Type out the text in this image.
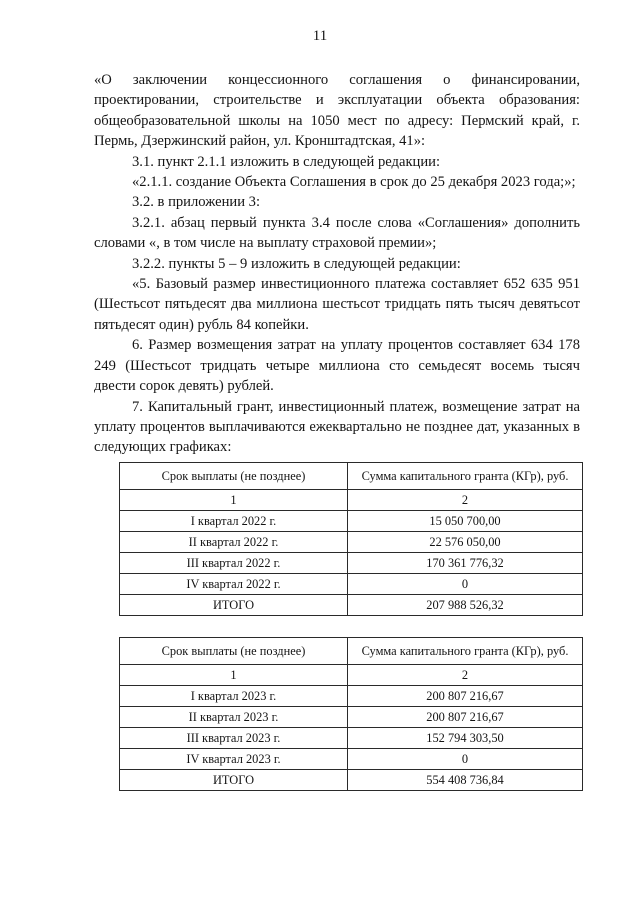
11

«О заключении концессионного соглашения о финансировании, проектировании, строительстве и эксплуатации объекта образования: общеобразовательной школы на 1050 мест по адресу: Пермский край, г. Пермь, Дзержинский район, ул. Кронштадтская, 41»:

3.1. пункт 2.1.1 изложить в следующей редакции:

«2.1.1. создание Объекта Соглашения в срок до 25 декабря 2023 года;»;

3.2. в приложении 3:

3.2.1. абзац первый пункта 3.4 после слова «Соглашения» дополнить словами «, в том числе на выплату страховой премии»;

3.2.2. пункты 5 – 9 изложить в следующей редакции:

«5. Базовый размер инвестиционного платежа составляет 652 635 951 (Шестьсот пятьдесят два миллиона шестьсот тридцать пять тысяч девятьсот пятьдесят один) рубль 84 копейки.

6. Размер возмещения затрат на уплату процентов составляет 634 178 249 (Шестьсот тридцать четыре миллиона сто семьдесят восемь тысяч двести сорок девять) рублей.

7. Капитальный грант, инвестиционный платеж, возмещение затрат на уплату процентов выплачиваются ежеквартально не позднее дат, указанных в следующих графиках:

Срок выплаты (не позднее)	Сумма капитального гранта (КГр), руб.
1	2
I квартал 2022 г.	15 050 700,00
II квартал 2022 г.	22 576 050,00
III квартал 2022 г.	170 361 776,32
IV квартал 2022 г.	0
ИТОГО	207 988 526,32
Срок выплаты (не позднее)	Сумма капитального гранта (КГр), руб.
1	2
I квартал 2023 г.	200 807 216,67
II квартал 2023 г.	200 807 216,67
III квартал 2023 г.	152 794 303,50
IV квартал 2023 г.	0
ИТОГО	554 408 736,84
